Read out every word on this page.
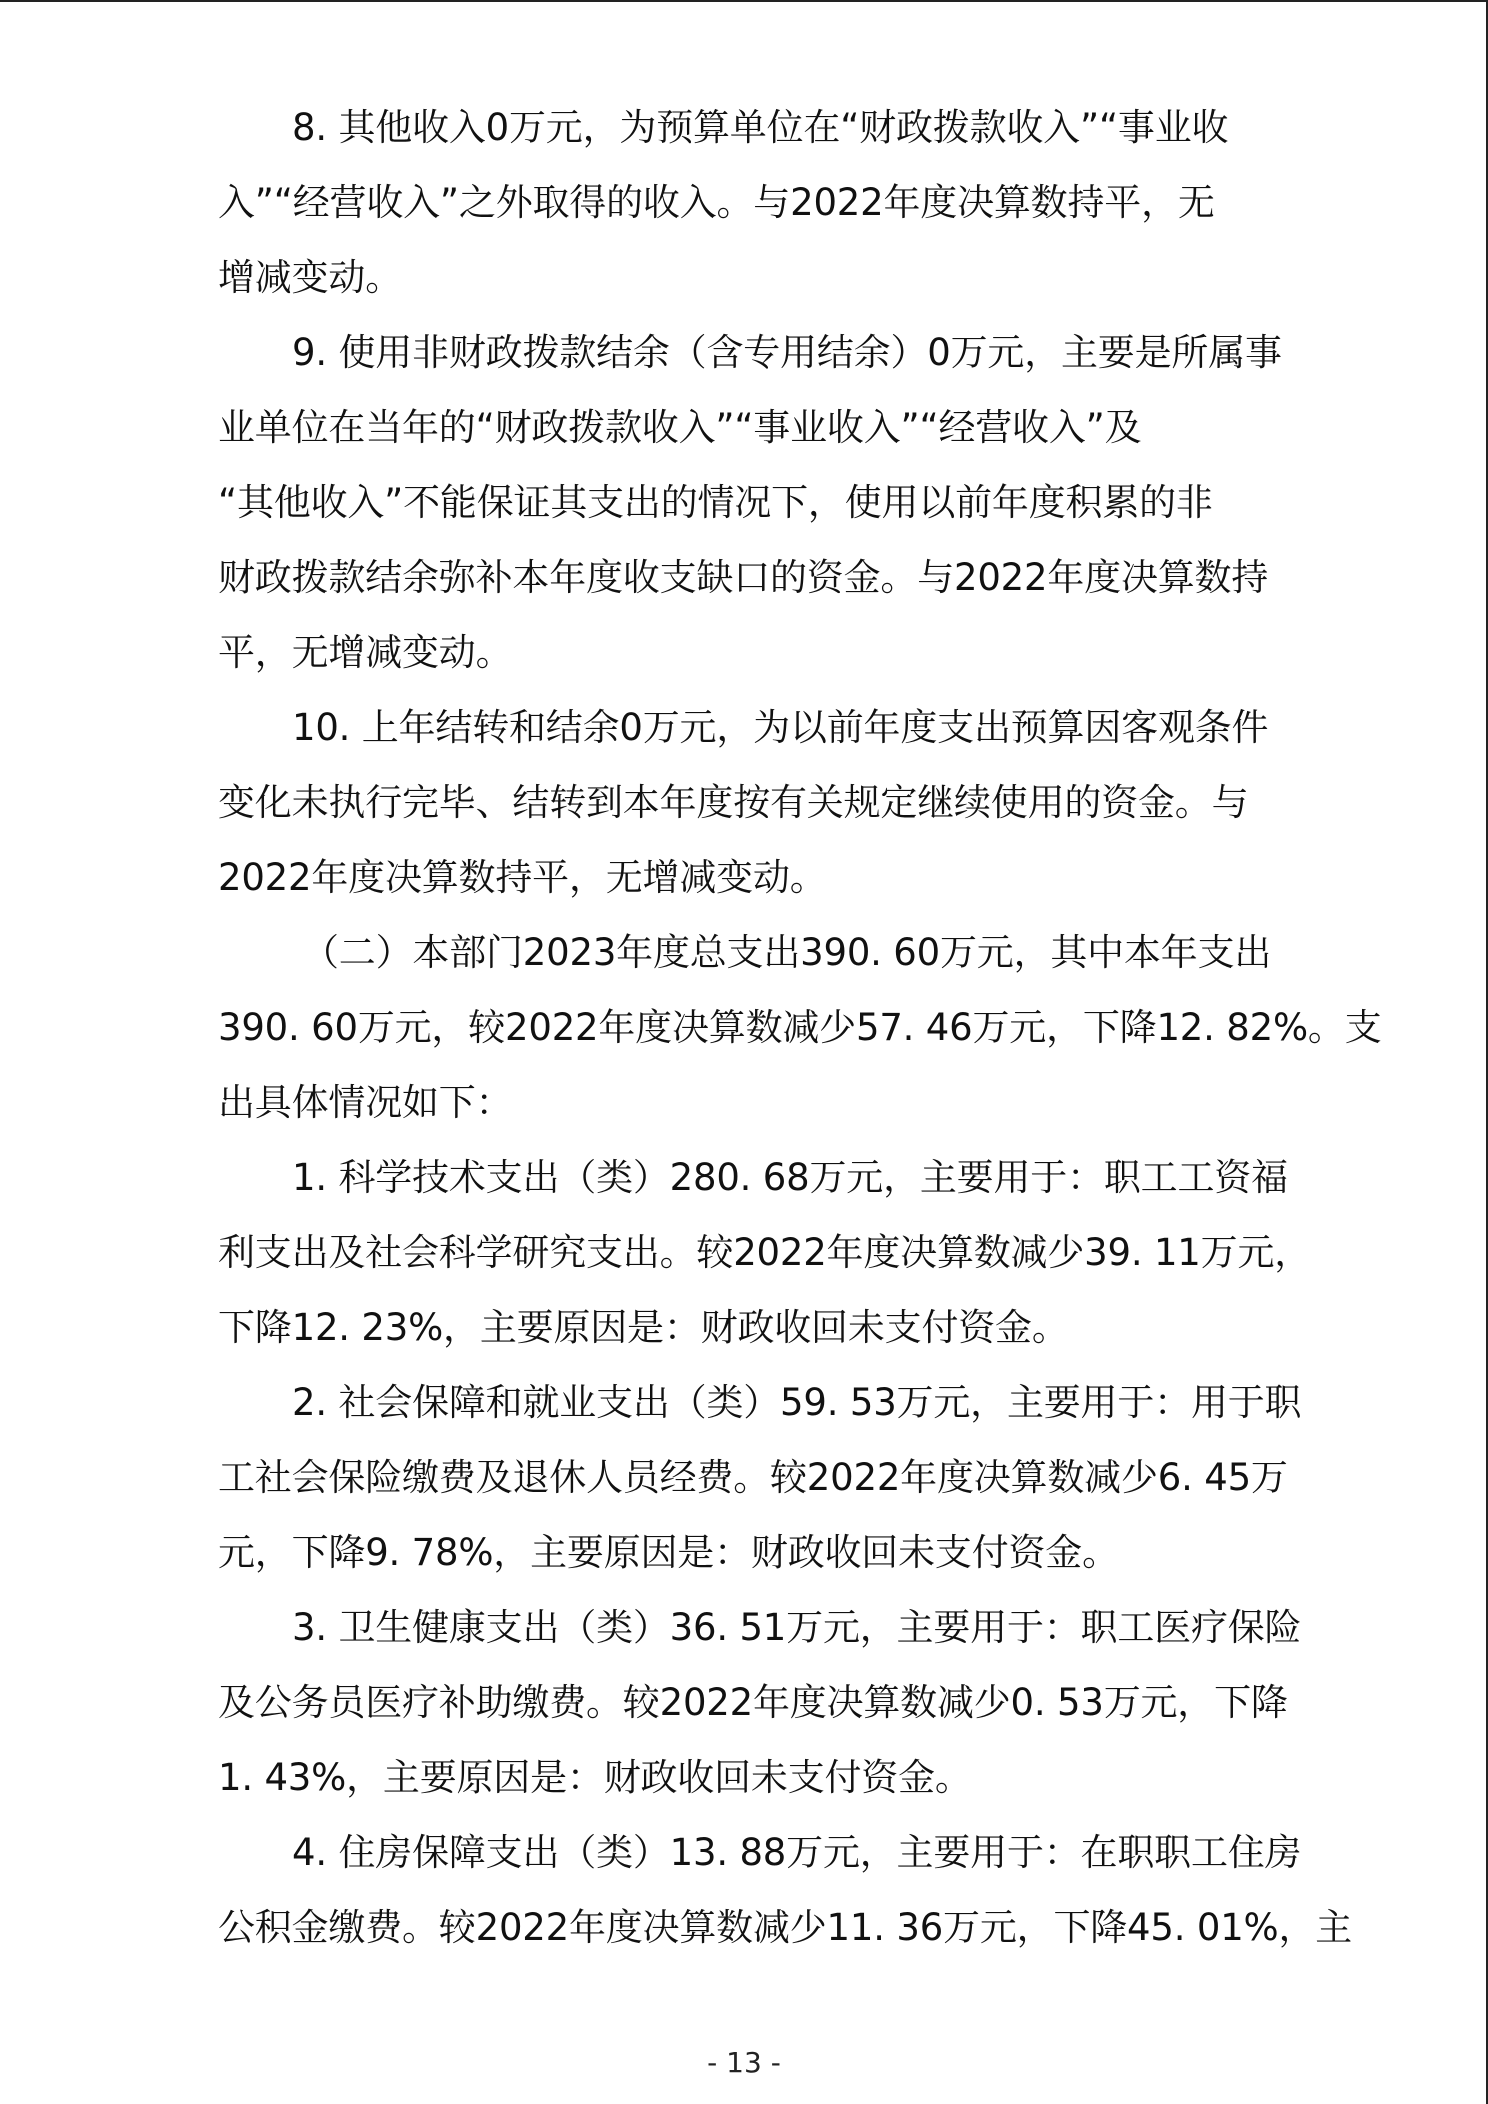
8. 其他收入0万元，为预算单位在“财政拨款收入”“事业收
入”“经营收入”之外取得的收入。与2022年度决算数持平，无
增减变动。
9. 使用非财政拨款结余（含专用结余）0万元，主要是所属事
业单位在当年的“财政拨款收入”“事业收入”“经营收入”及
“其他收入”不能保证其支出的情况下，使用以前年度积累的非
财政拨款结余弥补本年度收支缺口的资金。与2022年度决算数持
平，无增减变动。
10. 上年结转和结余0万元，为以前年度支出预算因客观条件
变化未执行完毕、结转到本年度按有关规定继续使用的资金。与
2022年度决算数持平，无增减变动。
（二）本部门2023年度总支出390. 60万元，其中本年支出
390. 60万元，较2022年度决算数减少57. 46万元，下降12. 82%。支
出具体情况如下：
1. 科学技术支出（类）280. 68万元，主要用于：职工工资福
利支出及社会科学研究支出。较2022年度决算数减少39. 11万元，
下降12. 23%，主要原因是：财政收回未支付资金。
2. 社会保障和就业支出（类）59. 53万元，主要用于：用于职
工社会保险缴费及退休人员经费。较2022年度决算数减少6. 45万
元，下降9. 78%，主要原因是：财政收回未支付资金。
3. 卫生健康支出（类）36. 51万元，主要用于：职工医疗保险
及公务员医疗补助缴费。较2022年度决算数减少0. 53万元，下降
1. 43%，主要原因是：财政收回未支付资金。
4. 住房保障支出（类）13. 88万元，主要用于：在职职工住房
公积金缴费。较2022年度决算数减少11. 36万元，下降45. 01%，主
- 13 -
